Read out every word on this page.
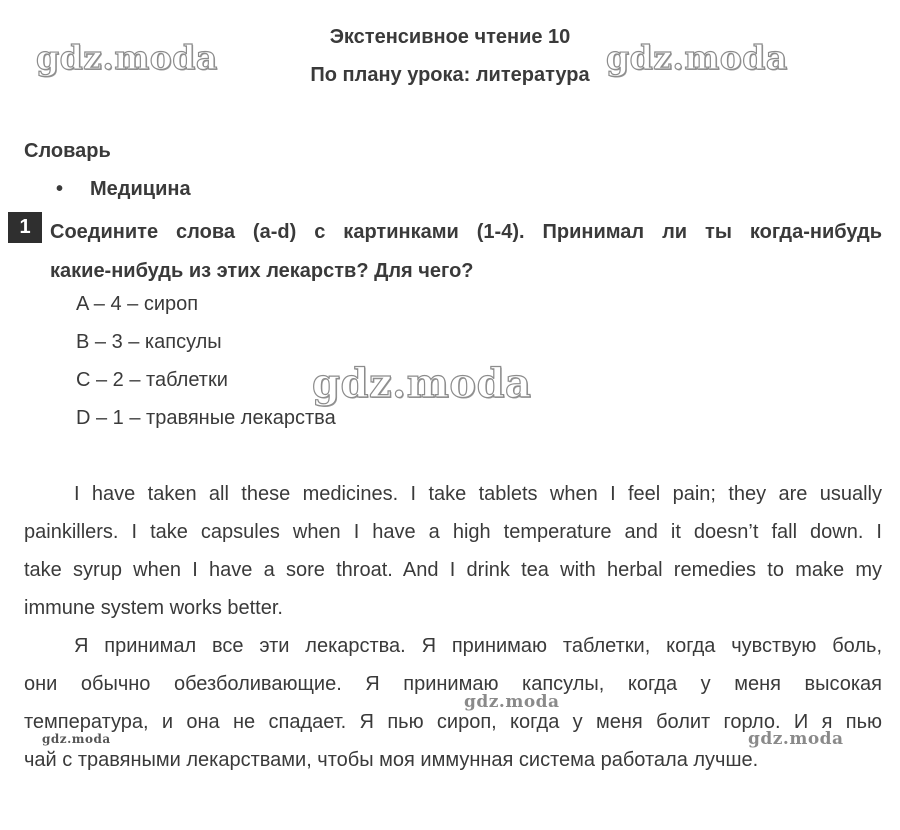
Экстенсивное чтение 10
По плану урока: литература
Словарь
• Медицина
1 Соедините слова (a-d) с картинками (1-4). Принимал ли ты когда-нибудь
какие-нибудь из этих лекарств? Для чего?
A – 4 – сироп
B – 3 – капсулы
C – 2 – таблетки
D – 1 – травяные лекарства
I have taken all these medicines. I take tablets when I feel pain; they are usually
painkillers. I take capsules when I have a high temperature and it doesn’t fall down. I
take syrup when I have a sore throat. And I drink tea with herbal remedies to make my
immune system works better.
Я принимал все эти лекарства. Я принимаю таблетки, когда чувствую боль,
они обычно обезболивающие. Я принимаю капсулы, когда у меня высокая
температура, и она не спадает. Я пью сироп, когда у меня болит горло. И я пью
чай с травяными лекарствами, чтобы моя иммунная система работала лучше.
gdz.moda	gdz.moda
gdz.moda
gdz.moda
gdz.moda
gdz.moda
